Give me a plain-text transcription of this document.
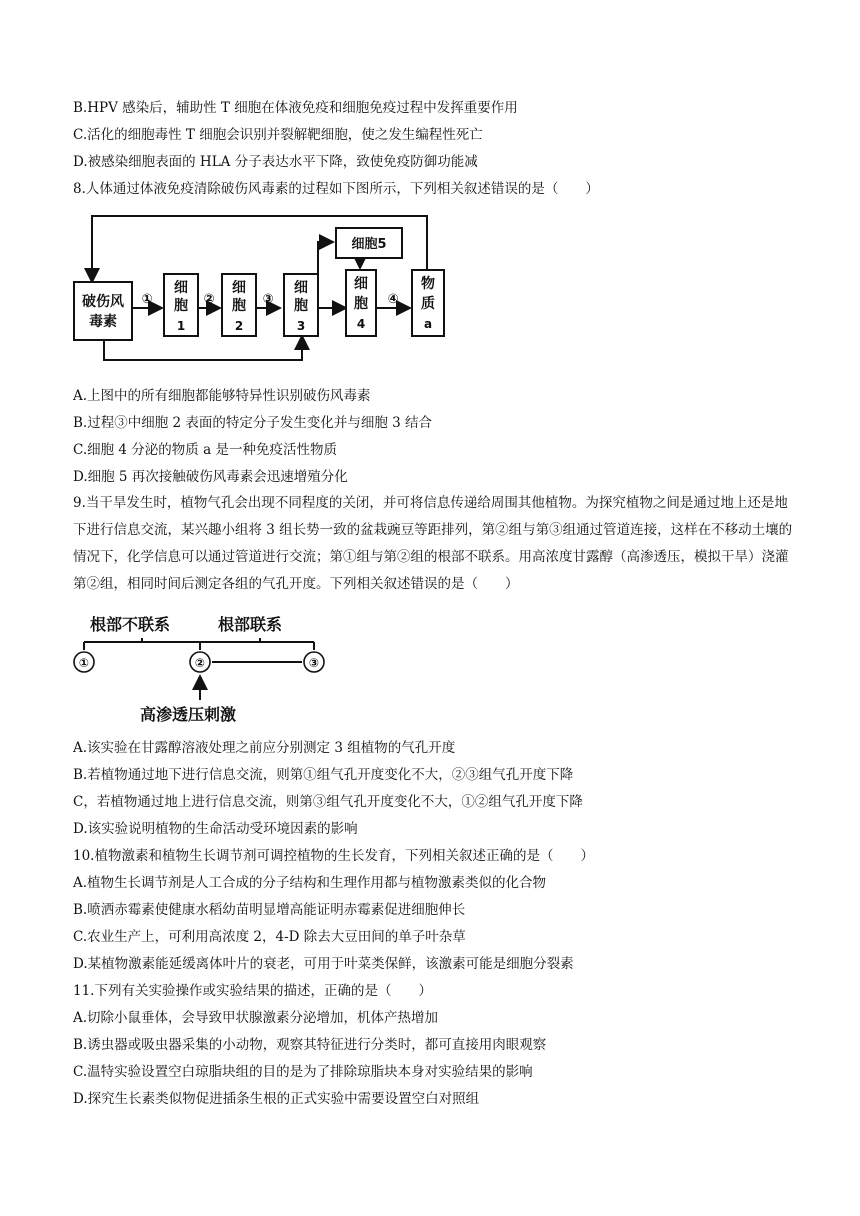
B.HPV 感染后，辅助性 T 细胞在体液免疫和细胞免疫过程中发挥重要作用
C.活化的细胞毒性 T 细胞会识别并裂解靶细胞，使之发生编程性死亡
D.被感染细胞表面的 HLA 分子表达水平下降，致使免疫防御功能减
8.人体通过体液免疫清除破伤风毒素的过程如下图所示，下列相关叙述错误的是（　　）
破伤风
毒素
细
胞
1
细
胞
2
细
胞
3
细胞5
细
胞
4
物
质
a
①	②	③	④
A.上图中的所有细胞都能够特异性识别破伤风毒素
B.过程③中细胞 2 表面的特定分子发生变化并与细胞 3 结合
C.细胞 4 分泌的物质 a 是一种免疫活性物质
D.细胞 5 再次接触破伤风毒素会迅速增殖分化
9.当干旱发生时，植物气孔会出现不同程度的关闭，并可将信息传递给周围其他植物。为探究植物之间是通过地上还是地下进行信息交流，某兴趣小组将 3 组长势一致的盆栽豌豆等距排列，第②组与第③组通过管道连接，这样在不移动土壤的情况下，化学信息可以通过管道进行交流；第①组与第②组的根部不联系。用高浓度甘露醇（高渗透压，模拟干旱）浇灌第②组，相同时间后测定各组的气孔开度。下列相关叙述错误的是（　　）
根部不联系	根部联系
①	②	③
高渗透压刺激
A.该实验在甘露醇溶液处理之前应分别测定 3 组植物的气孔开度
B.若植物通过地下进行信息交流，则第①组气孔开度变化不大，②③组气孔开度下降
C，若植物通过地上进行信息交流，则第③组气孔开度变化不大，①②组气孔开度下降
D.该实验说明植物的生命活动受环境因素的影响
10.植物激素和植物生长调节剂可调控植物的生长发育，下列相关叙述正确的是（　　）
A.植物生长调节剂是人工合成的分子结构和生理作用都与植物激素类似的化合物
B.喷洒赤霉素使健康水稻幼苗明显增高能证明赤霉素促进细胞伸长
C.农业生产上，可利用高浓度 2，4-D 除去大豆田间的单子叶杂草
D.某植物激素能延缓离体叶片的衰老，可用于叶菜类保鲜，该激素可能是细胞分裂素
11.下列有关实验操作或实验结果的描述，正确的是（　　）
A.切除小鼠垂体，会导致甲状腺激素分泌增加，机体产热增加
B.诱虫器或吸虫器采集的小动物，观察其特征进行分类时，都可直接用肉眼观察
C.温特实验设置空白琼脂块组的目的是为了排除琼脂块本身对实验结果的影响
D.探究生长素类似物促进插条生根的正式实验中需要设置空白对照组
